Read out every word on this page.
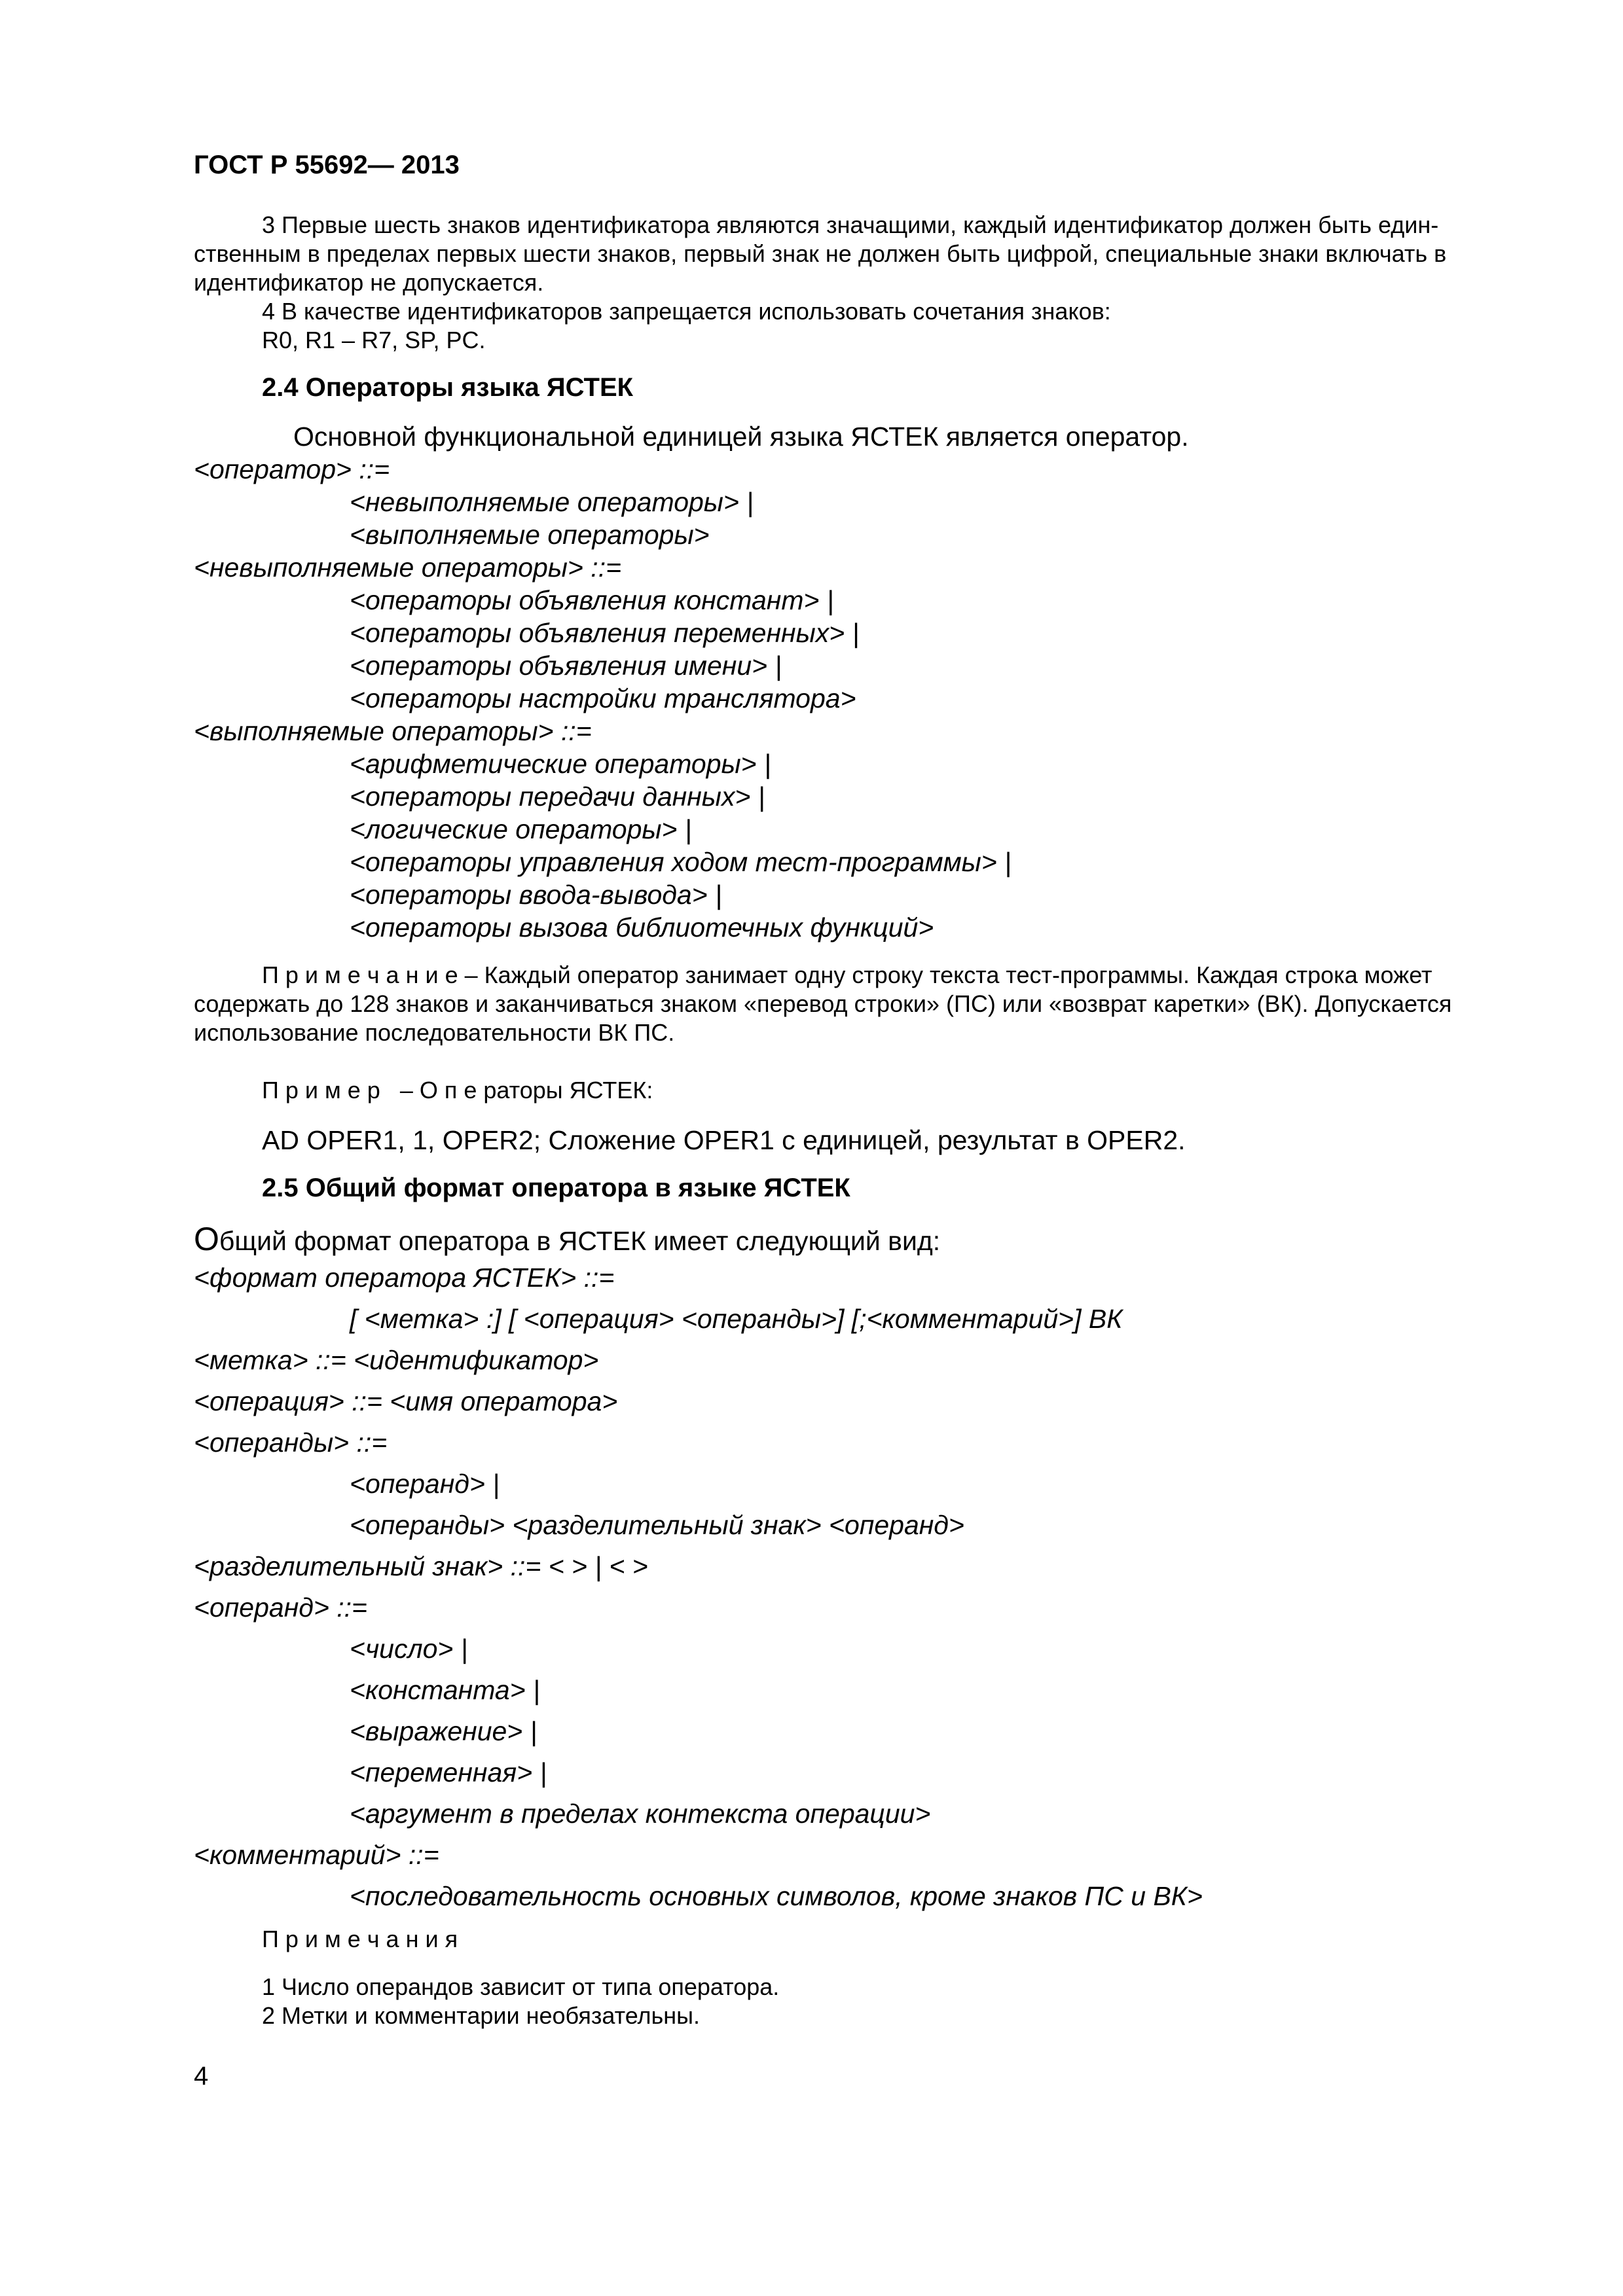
ГОСТ Р 55692— 2013
3 Первые шесть знаков идентификатора являются значащими, каждый идентификатор должен быть един-
ственным в пределах первых шести знаков, первый знак не должен быть цифрой, специальные знаки включать в
идентификатор не допускается.
4 В качестве идентификаторов запрещается использовать сочетания знаков:
R0, R1 – R7, SP, PC.
2.4 Операторы языка ЯСТЕК
Основной функциональной единицей языка ЯСТЕК является оператор.
<оператор> ::=
<невыполняемые операторы> |
<выполняемые операторы>
<невыполняемые операторы> ::=
<операторы объявления констант> |
<операторы объявления переменных> |
<операторы объявления имени> |
<операторы настройки транслятора>
<выполняемые операторы> ::=
<арифметические операторы> |
<операторы передачи данных> |
<логические операторы> |
<операторы управления ходом тест-программы> |
<операторы ввода-вывода> |
<операторы вызова библиотечных функций>
П р и м е ч а н и е – Каждый оператор занимает одну строку текста тест-программы. Каждая строка может
содержать до 128 знаков и заканчиваться знаком «перевод строки» (ПС) или «возврат каретки» (ВК). Допускается
использование последовательности ВК ПС.
П р и м е р   – О п е раторы ЯСТЕК:
AD OPER1, 1, OPER2; Сложение OPER1 с единицей, результат в OPER2.
2.5 Общий формат оператора в языке ЯСТЕК
Общий формат оператора в ЯСТЕК имеет следующий вид:
<формат оператора ЯСТЕК> ::=
[ <метка> :] [ <операция> <операнды>] [;<комментарий>] ВК
<метка> ::= <идентификатор>
<операция> ::= <имя оператора>
<операнды> ::=
<операнд> |
<операнды> <разделительный знак> <операнд>
<разделительный знак> ::= < > | < >
<операнд> ::=
<число> |
<константа> |
<выражение> |
<переменная> |
<аргумент в пределах контекста операции>
<комментарий> ::=
<последовательность основных символов, кроме знаков ПС и ВК>
П р и м е ч а н и я
1 Число операндов зависит от типа оператора.
2 Метки и комментарии необязательны.
4
